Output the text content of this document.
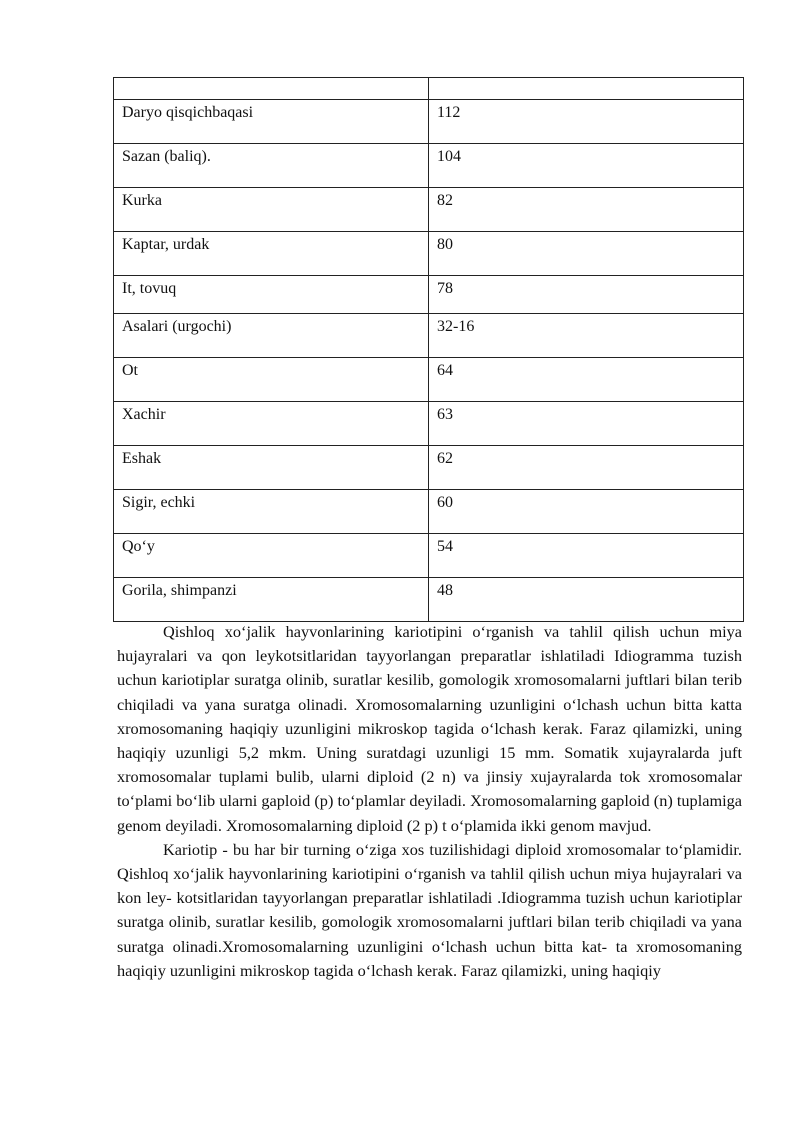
Daryo qisqichbaqasi	112
Sazan (baliq).	104
Kurka	82
Kaptar, urdak	80
It, tovuq	78
Asalari (urgochi)	32-16
Ot	64
Xachir	63
Eshak	62
Sigir, echki	60
Qo‘y	54
Gorila, shimpanzi	48

Qishloq xo‘jalik hayvonlarining kariotipini o‘rganish va tahlil qilish uchun miya hujayralari va qon leykotsitlaridan tayyorlangan preparatlar ishlatiladi Idiogramma tuzish uchun kariotiplar suratga olinib, suratlar kesilib, gomologik xromosomalarni juftlari bilan terib chiqiladi va yana suratga olinadi. Xromosomalarning uzunligini o‘lchash uchun bitta katta xromosomaning haqiqiy uzunligini mikroskop tagida o‘lchash kerak. Faraz qilamizki, uning haqiqiy uzunligi 5,2 mkm. Uning suratdagi uzunligi 15 mm. Somatik xujayralarda juft xromosomalar tuplami bulib, ularni diploid (2 n) va jinsiy xujayralarda tok xromosomalar to‘plami bo‘lib ularni gaploid (p) to‘plamlar deyiladi. Xromosomalarning gaploid (n) tuplamiga genom deyiladi. Xromosomalarning diploid (2 p) t o‘plamida ikki genom mavjud.

Kariotip - bu har bir turning o‘ziga xos tuzilishidagi diploid xromosomalar to‘plamidir. Qishloq xo‘jalik hayvonlarining kariotipini o‘rganish va tahlil qilish uchun miya hujayralari va kon ley- kotsitlaridan tayyorlangan preparatlar ishlatiladi .Idiogramma tuzish uchun kariotiplar suratga olinib, suratlar kesilib, gomologik xromosomalarni juftlari bilan terib chiqiladi va yana suratga olinadi.Xromosomalarning uzunligini o‘lchash uchun bitta kat- ta xromosomaning haqiqiy uzunligini mikroskop tagida o‘lchash kerak. Faraz qilamizki, uning haqiqiy
